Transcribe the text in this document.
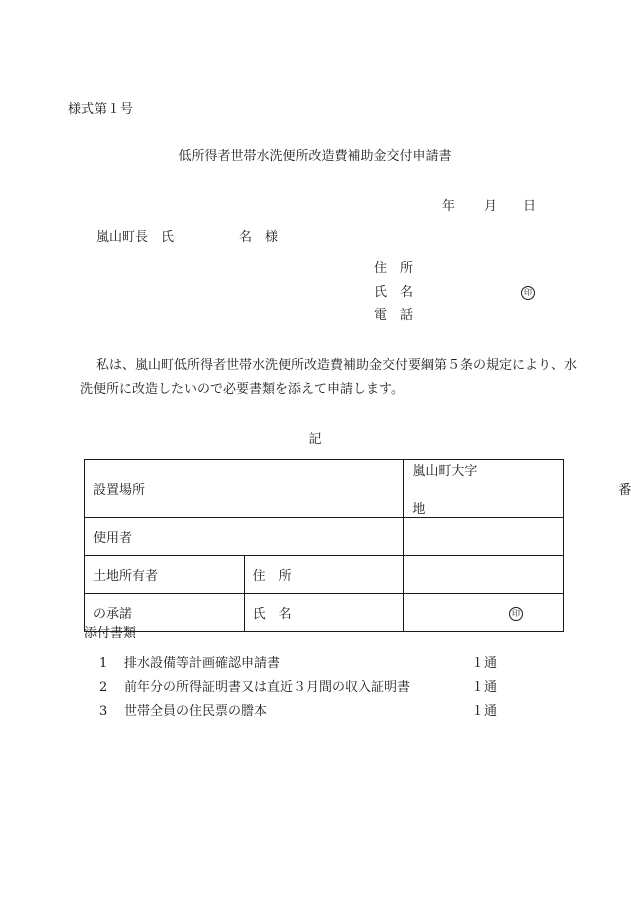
様式第１号
低所得者世帯水洗便所改造費補助金交付申請書
年 月 日
嵐山町長　氏　　　　　名　様
住　所
氏　名	印
電　話
私は、嵐山町低所得者世帯水洗便所改造費補助金交付要綱第５条の規定により、水洗便所に改造したいので必要書類を添えて申請します。
記
設置場所		嵐山町大字 番地
使用者		
土地所有者	住　所	
の承諾	氏　名	印
添付書類
1 排水設備等計画確認申請書	１通
2 前年分の所得証明書又は直近３月間の収入証明書	１通
3 世帯全員の住民票の謄本	１通
